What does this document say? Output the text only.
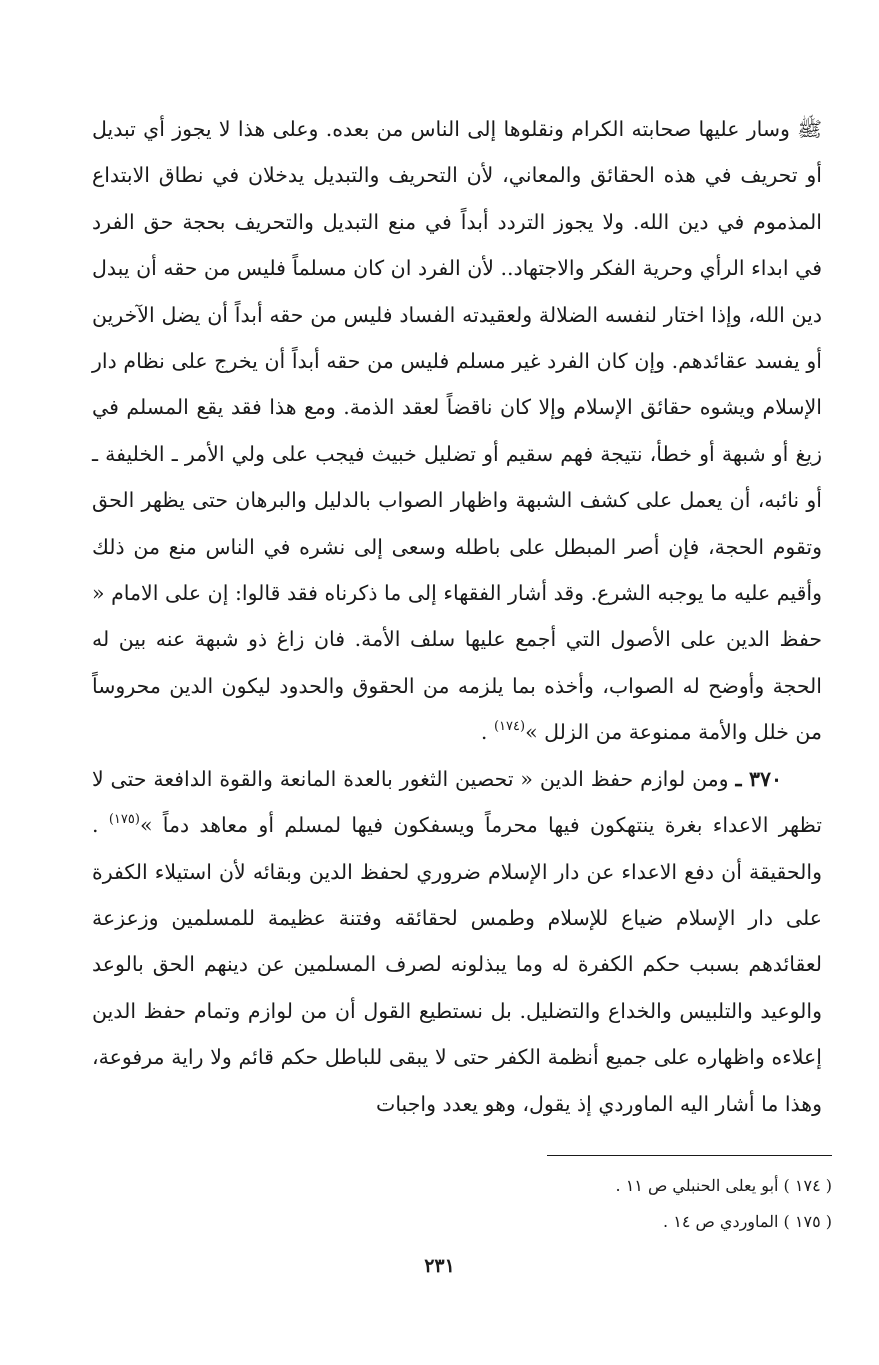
ﷺ وسار عليها صحابته الكرام ونقلوها إلى الناس من بعده. وعلى هذا لا يجوز أي تبديل أو تحريف في هذه الحقائق والمعاني، لأن التحريف والتبديل يدخلان في نطاق الابتداع المذموم في دين الله. ولا يجوز التردد أبداً في منع التبديل والتحريف بحجة حق الفرد في ابداء الرأي وحرية الفكر والاجتهاد.. لأن الفرد ان كان مسلماً فليس من حقه أن يبدل دين الله، وإذا اختار لنفسه الضلالة ولعقيدته الفساد فليس من حقه أبداً أن يضل الآخرين أو يفسد عقائدهم. وإن كان الفرد غير مسلم فليس من حقه أبداً أن يخرج على نظام دار الإسلام ويشوه حقائق الإسلام وإلا كان ناقضاً لعقد الذمة. ومع هذا فقد يقع المسلم في زيغ أو شبهة أو خطأ، نتيجة فهم سقيم أو تضليل خبيث فيجب على ولي الأمر ـ الخليفة ـ أو نائبه، أن يعمل على كشف الشبهة واظهار الصواب بالدليل والبرهان حتى يظهر الحق وتقوم الحجة، فإن أصر المبطل على باطله وسعى إلى نشره في الناس منع من ذلك وأقيم عليه ما يوجبه الشرع. وقد أشار الفقهاء إلى ما ذكرناه فقد قالوا: إن على الامام « حفظ الدين على الأصول التي أجمع عليها سلف الأمة. فان زاغ ذو شبهة عنه بين له الحجة وأوضح له الصواب، وأخذه بما يلزمه من الحقوق والحدود ليكون الدين محروساً من خلل والأمة ممنوعة من الزلل »$^{(١٧٤)}$ .

٣٧٠ ـ ومن لوازم حفظ الدين « تحصين الثغور بالعدة المانعة والقوة الدافعة حتى لا تظهر الاعداء بغرة ينتهكون فيها محرماً ويسفكون فيها لمسلم أو معاهد دماً »$^{(١٧٥)}$ . والحقيقة أن دفع الاعداء عن دار الإسلام ضروري لحفظ الدين وبقائه لأن استيلاء الكفرة على دار الإسلام ضياع للإسلام وطمس لحقائقه وفتنة عظيمة للمسلمين وزعزعة لعقائدهم بسبب حكم الكفرة له وما يبذلونه لصرف المسلمين عن دينهم الحق بالوعد والوعيد والتلبيس والخداع والتضليل. بل نستطيع القول أن من لوازم وتمام حفظ الدين إعلاءه واظهاره على جميع أنظمة الكفر حتى لا يبقى للباطل حكم قائم ولا راية مرفوعة، وهذا ما أشار اليه الماوردي إذ يقول، وهو يعدد واجبات

( ١٧٤ ) أبو يعلى الحنبلي ص ١١ .

( ١٧٥ ) الماوردي ص ١٤ .

٢٣١
